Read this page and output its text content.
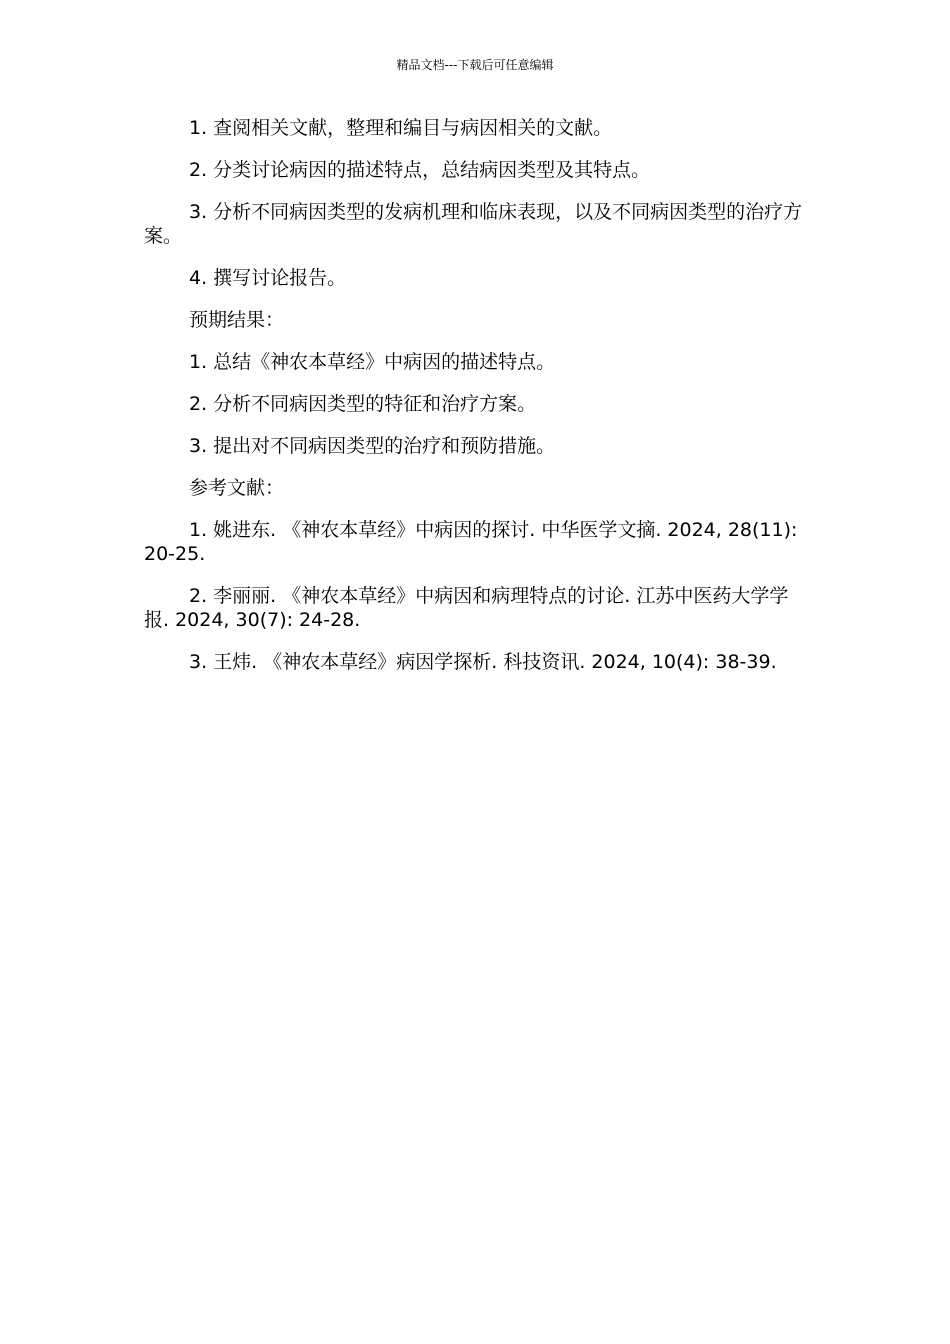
精品文档---下载后可任意编辑

1. 查阅相关文献，整理和编目与病因相关的文献。

2. 分类讨论病因的描述特点，总结病因类型及其特点。

3. 分析不同病因类型的发病机理和临床表现，以及不同病因类型的治疗方案。

4. 撰写讨论报告。

预期结果：

1. 总结《神农本草经》中病因的描述特点。

2. 分析不同病因类型的特征和治疗方案。

3. 提出对不同病因类型的治疗和预防措施。

参考文献：

1. 姚进东. 《神农本草经》中病因的探讨. 中华医学文摘. 2024, 28(11): 20-25.

2. 李丽丽. 《神农本草经》中病因和病理特点的讨论. 江苏中医药大学学报. 2024, 30(7): 24-28.

3. 王炜. 《神农本草经》病因学探析. 科技资讯. 2024, 10(4): 38-39.
